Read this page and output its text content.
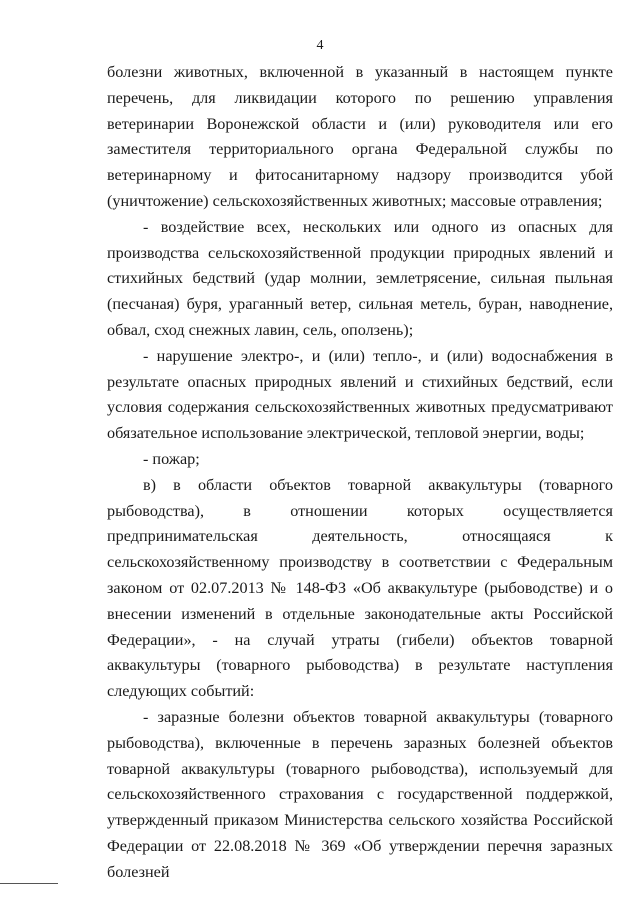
4

болезни животных, включенной в указанный в настоящем пункте перечень, для ликвидации которого по решению управления ветеринарии Воронежской области и (или) руководителя или его заместителя территориального органа Федеральной службы по ветеринарному и фитосанитарному надзору производится убой (уничтожение) сельскохозяйственных животных; массовые отравления;

- воздействие всех, нескольких или одного из опасных для производства сельскохозяйственной продукции природных явлений и стихийных бедствий (удар молнии, землетрясение, сильная пыльная (песчаная) буря, ураганный ветер, сильная метель, буран, наводнение, обвал, сход снежных лавин, сель, оползень);

- нарушение электро-, и (или) тепло-, и (или) водоснабжения в результате опасных природных явлений и стихийных бедствий, если условия содержания сельскохозяйственных животных предусматривают обязательное использование электрической, тепловой энергии, воды;

- пожар;

в) в области объектов товарной аквакультуры (товарного рыбоводства), в отношении которых осуществляется предпринимательская деятельность, относящаяся к сельскохозяйственному производству в соответствии с Федеральным законом от 02.07.2013 № 148-ФЗ «Об аквакультуре (рыбоводстве) и о внесении изменений в отдельные законодательные акты Российской Федерации», - на случай утраты (гибели) объектов товарной аквакультуры (товарного рыбоводства) в результате наступления следующих событий:

- заразные болезни объектов товарной аквакультуры (товарного рыбоводства), включенные в перечень заразных болезней объектов товарной аквакультуры (товарного рыбоводства), используемый для сельскохозяйственного страхования с государственной поддержкой, утвержденный приказом Министерства сельского хозяйства Российской Федерации от 22.08.2018 № 369 «Об утверждении перечня заразных болезней
